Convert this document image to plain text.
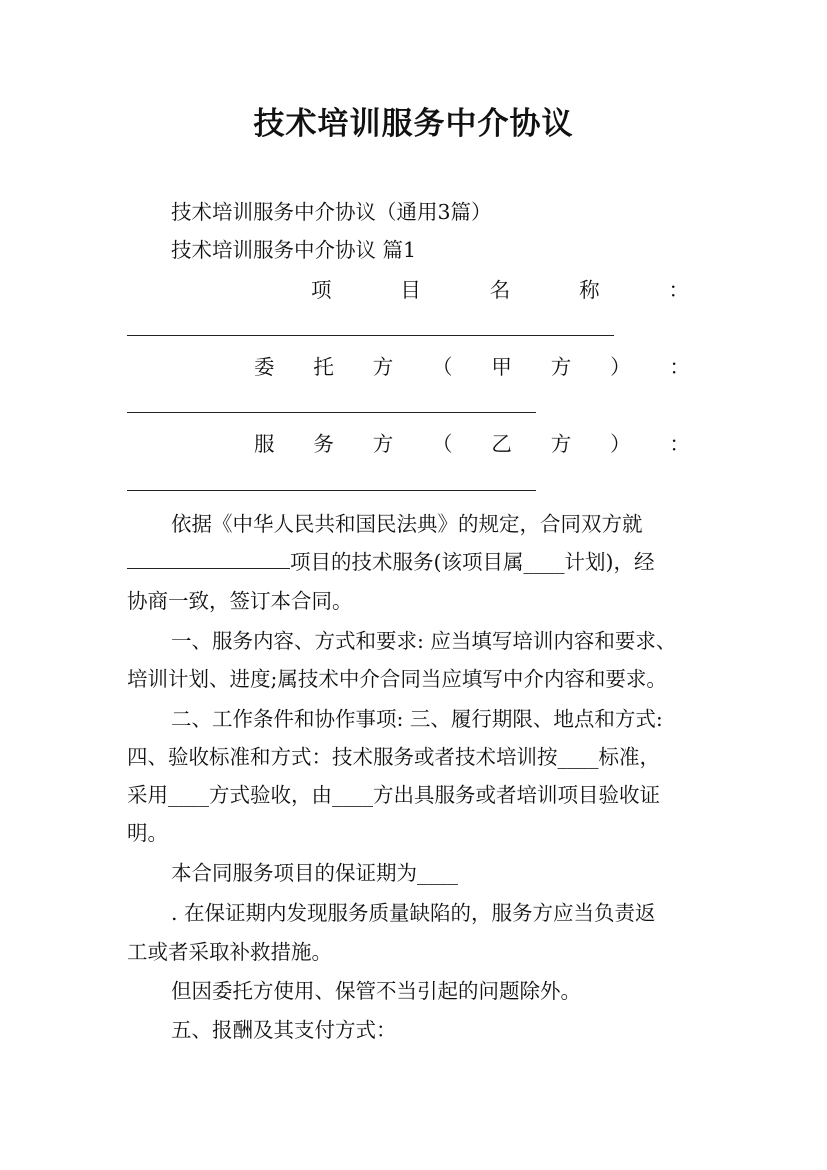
技术培训服务中介协议
技术培训服务中介协议（通用3篇）
技术培训服务中介协议 篇1
项	目	名	称	：
委 托 方 （ 甲 方 ） ：
服 务 方 （ 乙 方 ） ：
依据《中华人民共和国民法典》的规定，合同双方就
项目的技术服务(该项目属____计划)，经
协商一致，签订本合同。
一、服务内容、方式和要求: 应当填写培训内容和要求、
培训计划、进度;属技术中介合同当应填写中介内容和要求。
二、工作条件和协作事项: 三、履行期限、地点和方式:
四、验收标准和方式：技术服务或者技术培训按____标准，
采用____方式验收，由____方出具服务或者培训项目验收证
明。
本合同服务项目的保证期为____
. 在保证期内发现服务质量缺陷的，服务方应当负责返
工或者采取补救措施。
但因委托方使用、保管不当引起的问题除外。
五、报酬及其支付方式：
